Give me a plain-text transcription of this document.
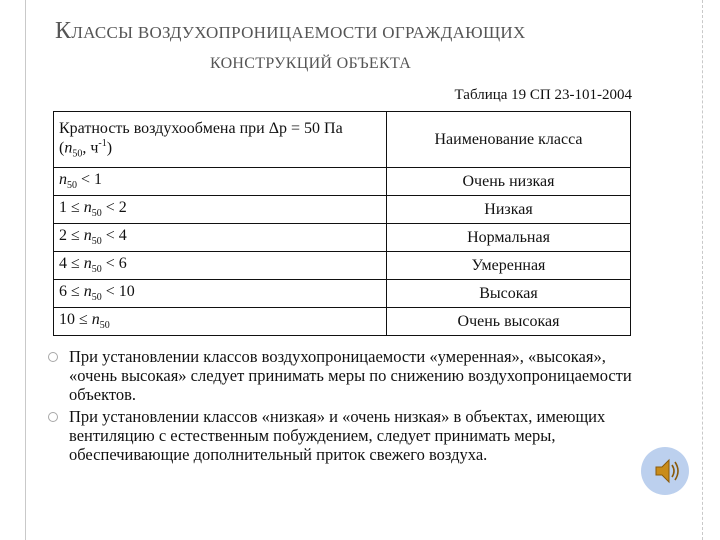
КЛАССЫ ВОЗДУХОПРОНИЦАЕМОСТИ ОГРАЖДАЮЩИХ
КОНСТРУКЦИЙ ОБЪЕКТА
Таблица 19 СП 23-101-2004
Кратность воздухообмена при Δp = 50 Па
($n_{50}$, $ч^{-1}$)	Наименование класса
$n_{50} < 1$	Очень низкая
$1 \le n_{50} < 2$	Низкая
$2 \le n_{50} < 4$	Нормальная
$4 \le n_{50} < 6$	Умеренная
$6 \le n_{50} < 10$	Высокая
$10 \le n_{50}$	Очень высокая
При установлении классов воздухопроницаемости «умеренная», «высокая», «очень высокая» следует принимать меры по снижению воздухопроницаемости объектов.
При установлении классов «низкая» и «очень низкая» в объектах, имеющих вентиляцию с естественным побуждением, следует принимать меры, обеспечивающие дополнительный приток свежего воздуха.
